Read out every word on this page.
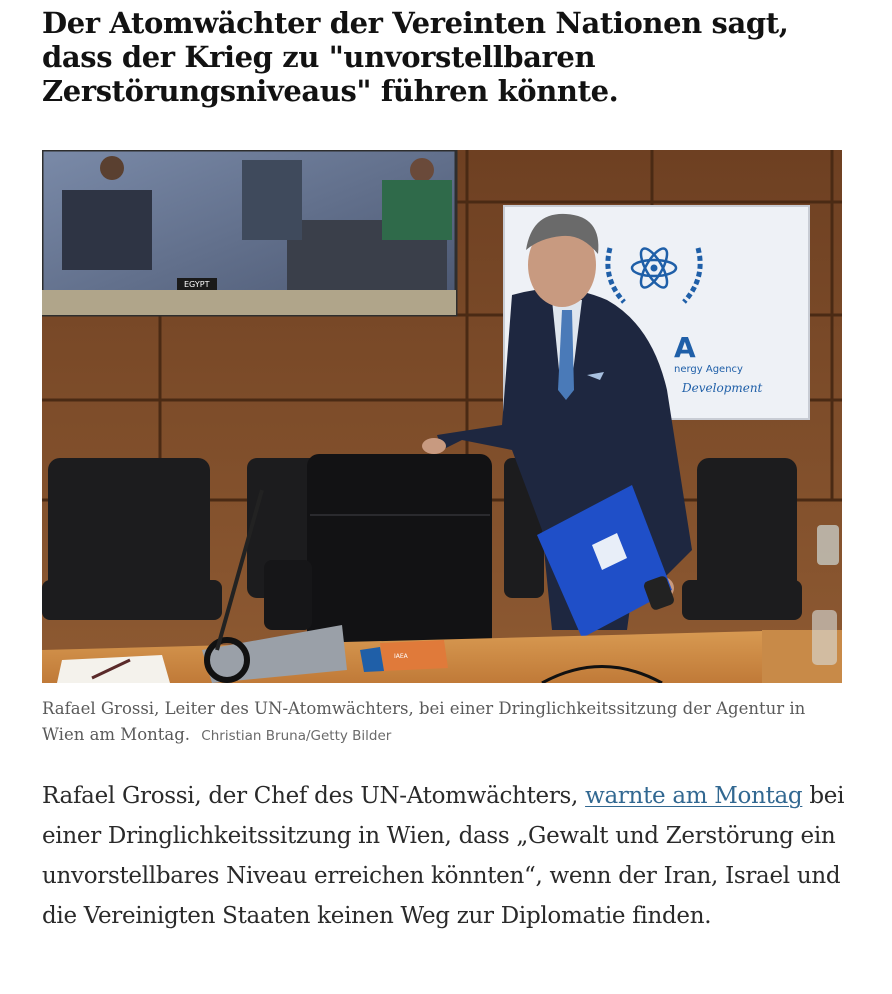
Der Atomwächter der Vereinten Nationen sagt, dass der Krieg zu "unvorstellbaren Zerstörungsniveaus" führen könnte.
EGYPT
A
nergy Agency
Development
IAEA
Rafael Grossi, Leiter des UN-Atomwächters, bei einer Dringlichkeitssitzung der Agentur in Wien am Montag. Christian Bruna/Getty Bilder

Rafael Grossi, der Chef des UN-Atomwächters, warnte am Montag bei einer Dringlichkeitssitzung in Wien, dass „Gewalt und Zerstörung ein unvorstellbares Niveau erreichen könnten“, wenn der Iran, Israel und die Vereinigten Staaten keinen Weg zur Diplomatie finden.
